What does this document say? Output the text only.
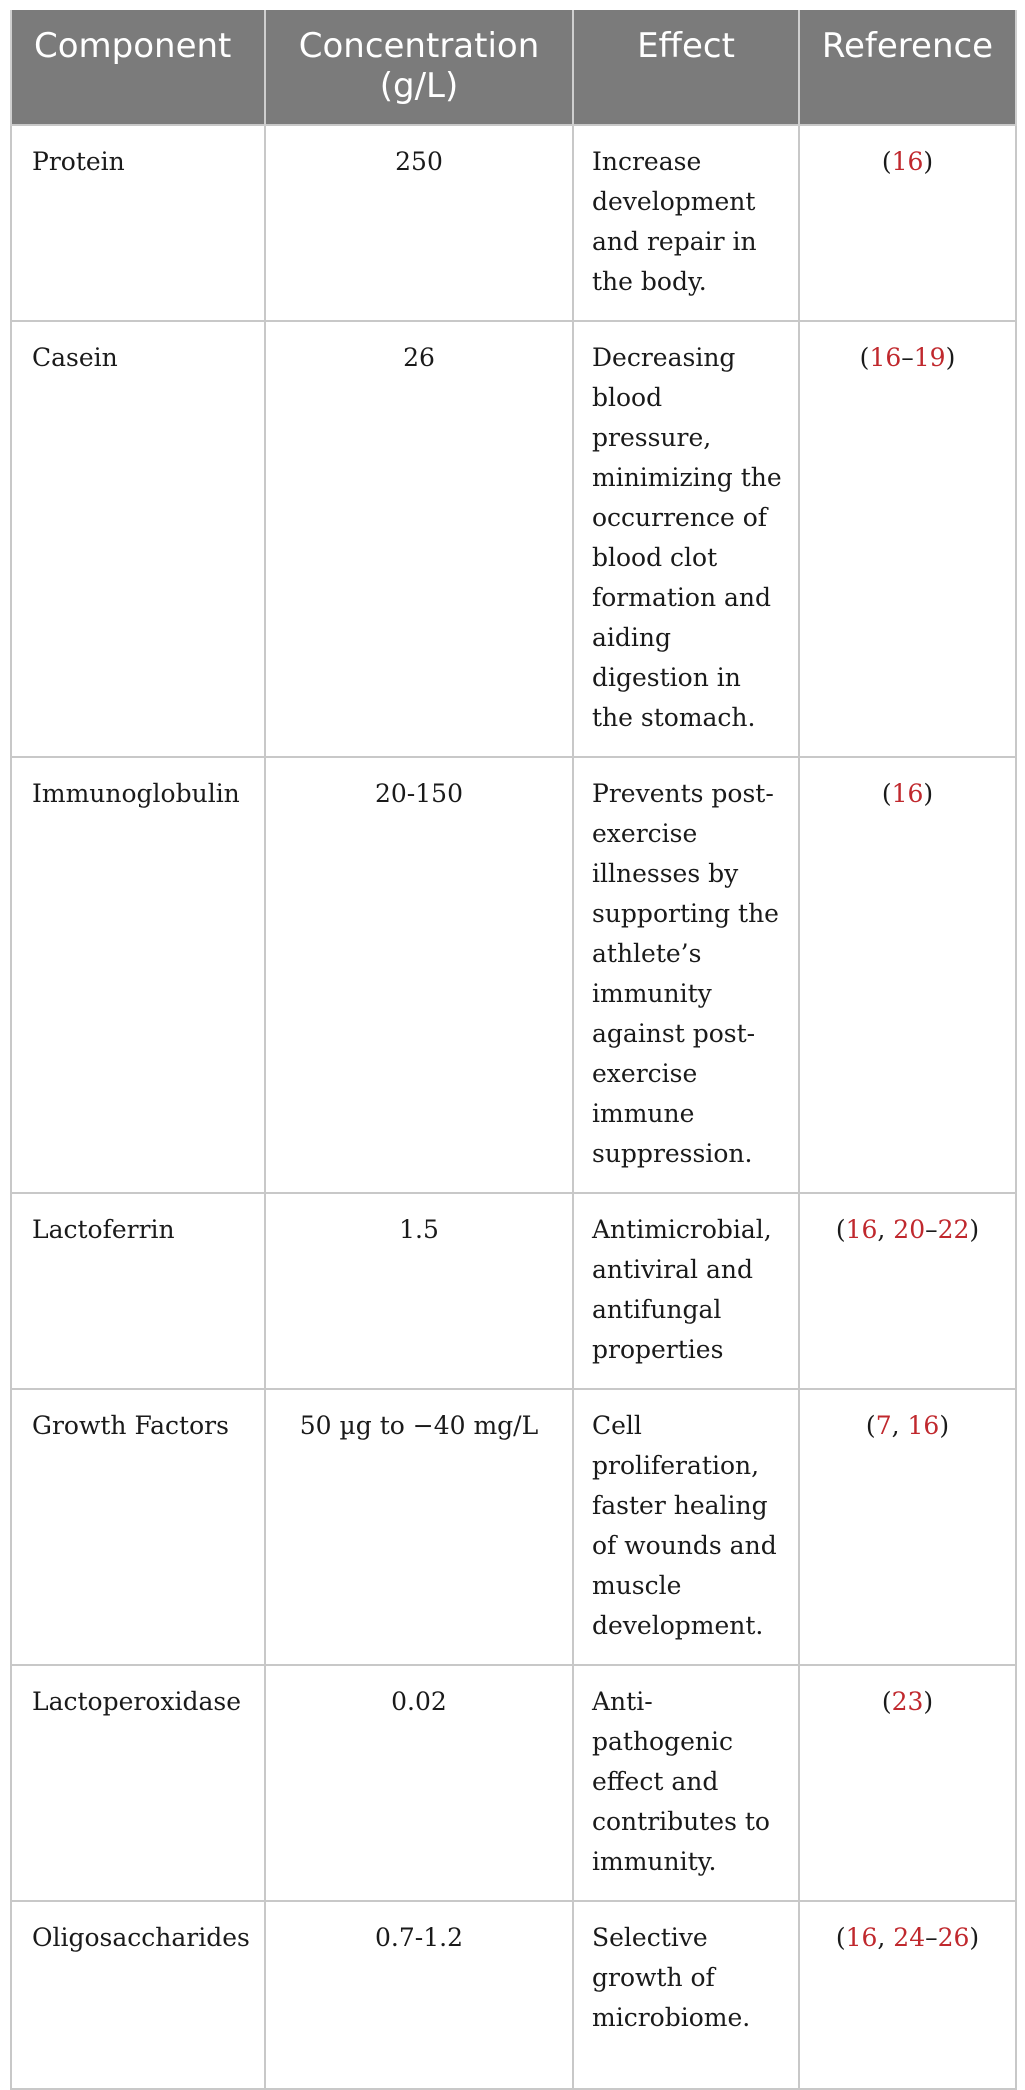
Component	Concentration (g/L)	Effect	Reference
Protein	250	Increase development and repair in the body.	(16)
Casein	26	Decreasing blood pressure, minimizing the occurrence of blood clot formation and aiding digestion in the stomach.	(16–19)
Immunoglobulin	20-150	Prevents post-exercise illnesses by supporting the athlete’s immunity against post-exercise immune suppression.	(16)
Lactoferrin	1.5	Antimicrobial, antiviral and antifungal properties	(16, 20–22)
Growth Factors	50 µg to −40 mg/L	Cell proliferation, faster healing of wounds and muscle development.	(7, 16)
Lactoperoxidase	0.02	Anti-pathogenic effect and contributes to immunity.	(23)
Oligosaccharides	0.7-1.2	Selective growth of microbiome.	(16, 24–26)
